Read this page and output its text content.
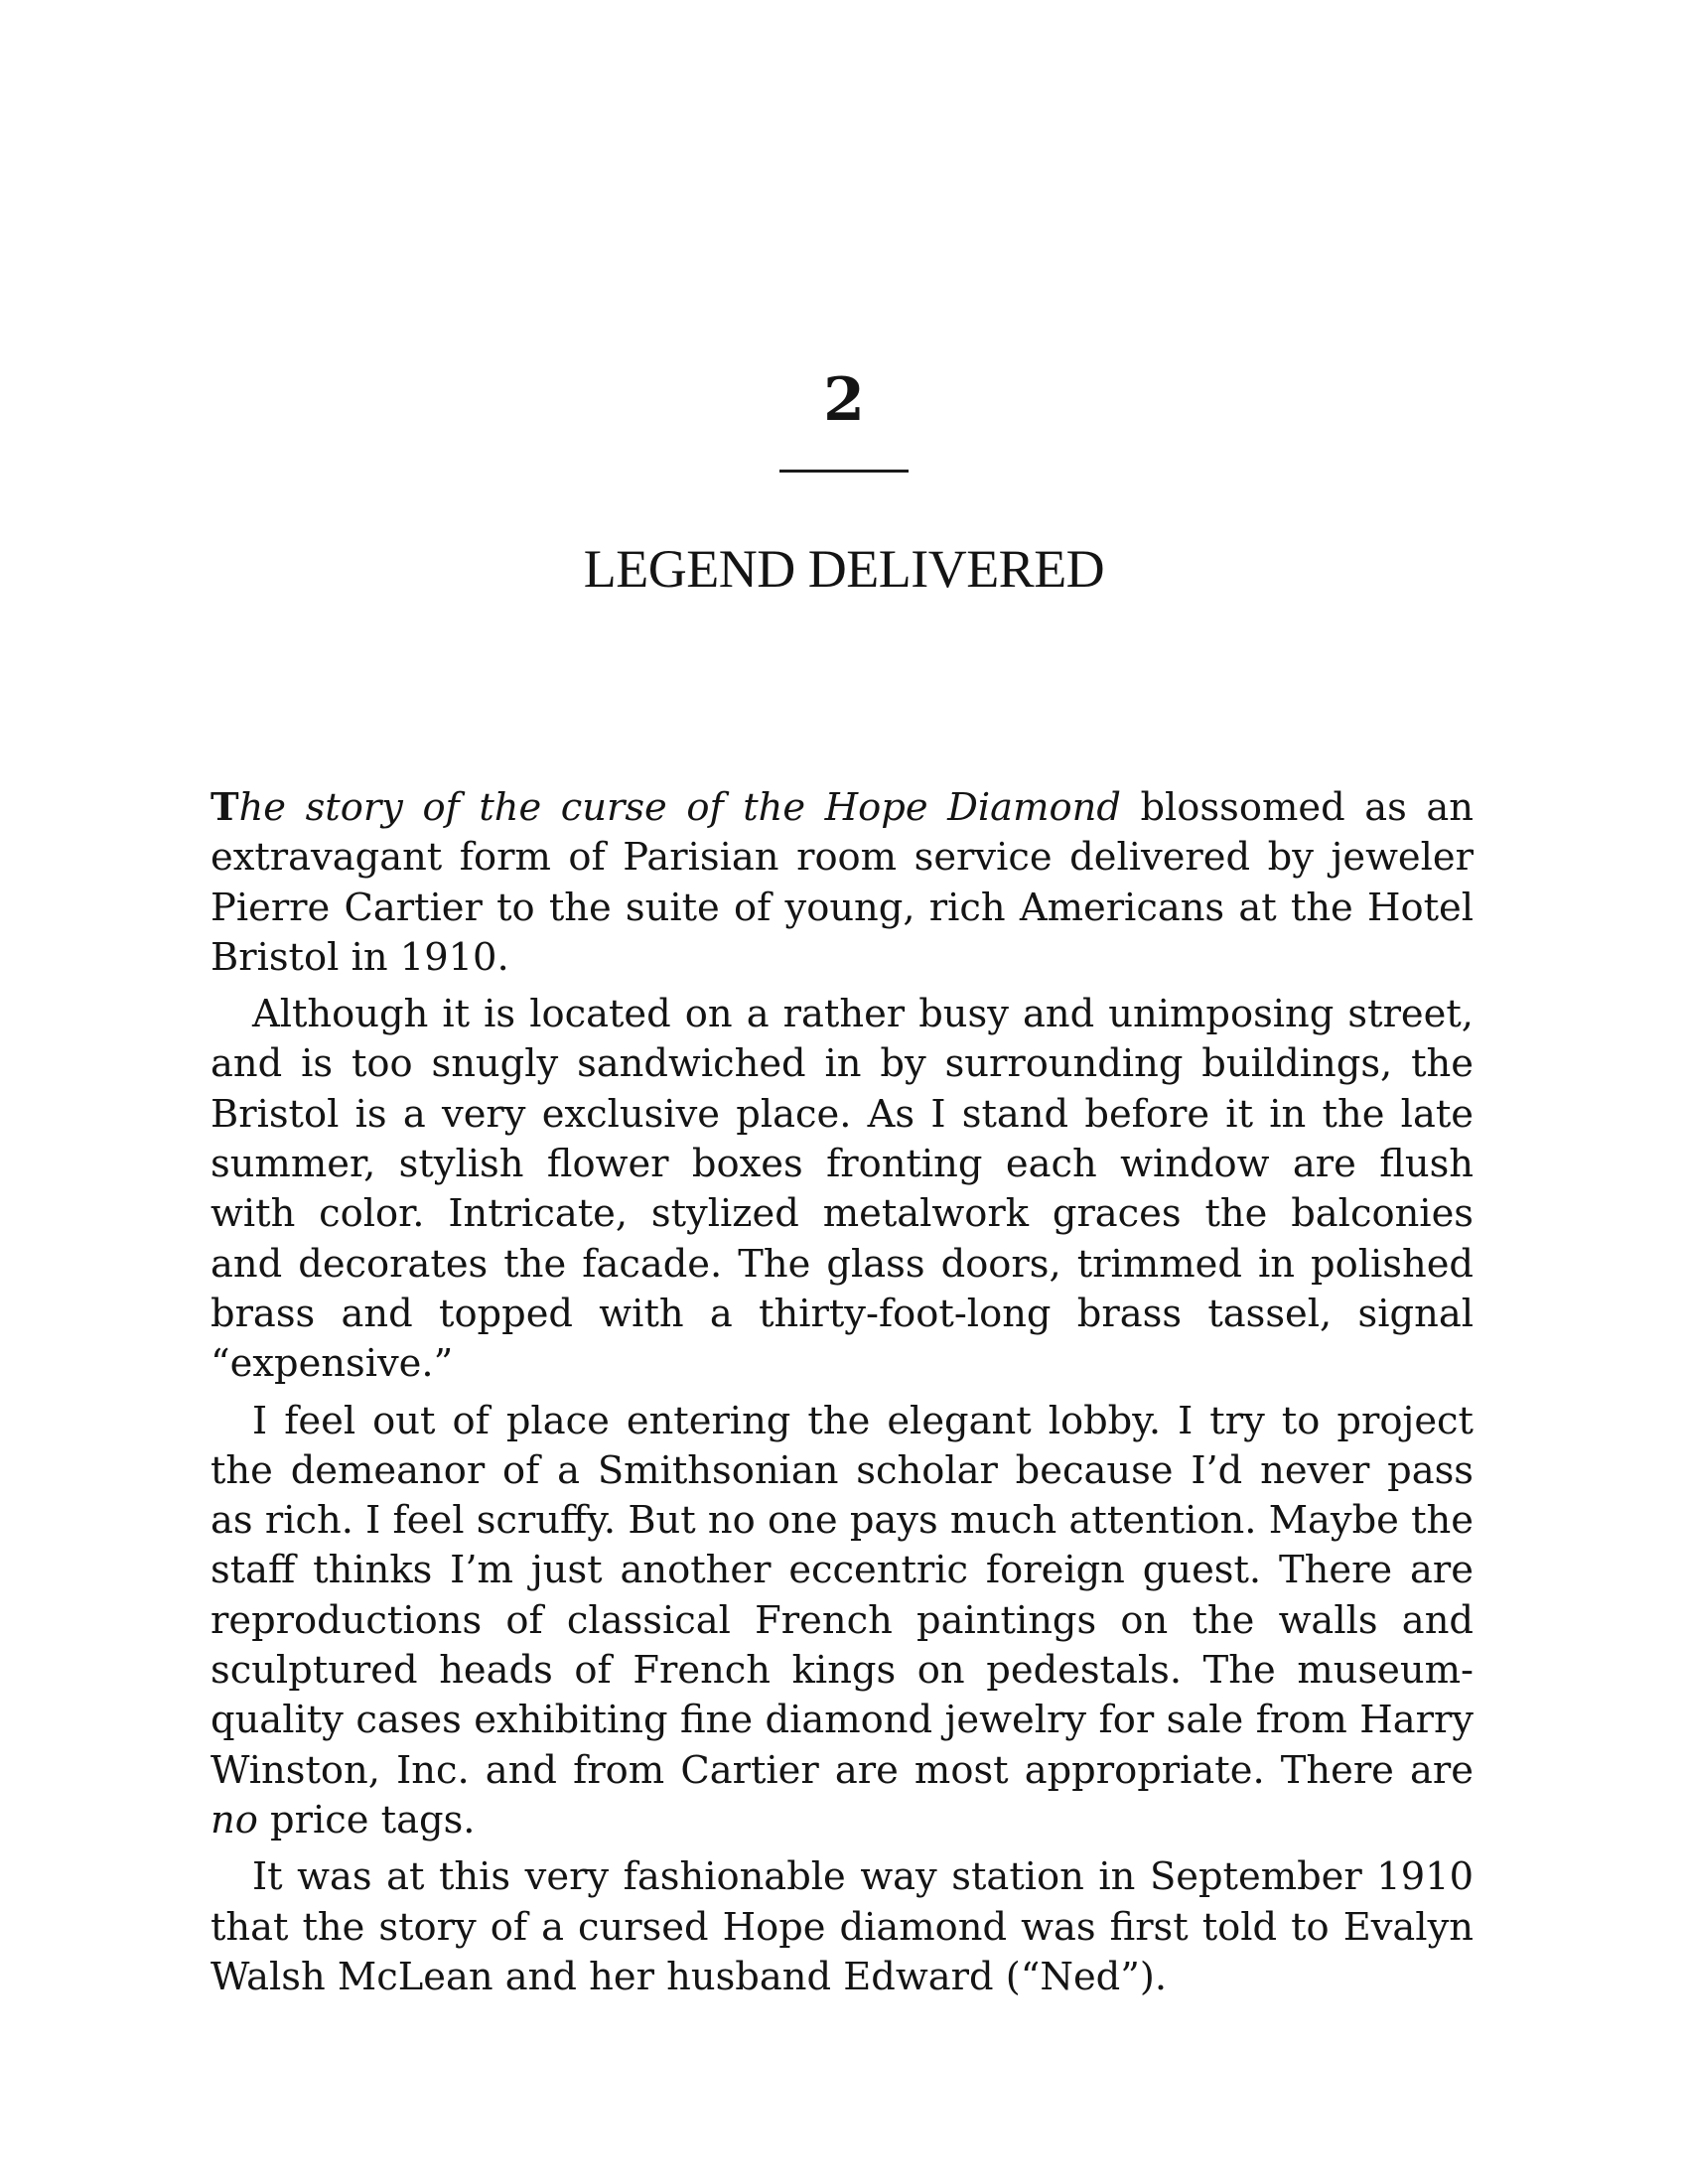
2
LEGEND DELIVERED

The story of the curse of the Hope Diamond blossomed as an extravagant form of Parisian room service delivered by jeweler Pierre Cartier to the suite of young, rich Americans at the Hotel Bristol in 1910.

Although it is located on a rather busy and unimposing street, and is too snugly sandwiched in by surrounding buildings, the Bristol is a very exclusive place. As I stand before it in the late summer, stylish flower boxes fronting each window are flush with color. Intricate, stylized metalwork graces the balconies and decorates the facade. The glass doors, trimmed in polished brass and topped with a thirty-foot-long brass tassel, signal “expensive.”

I feel out of place entering the elegant lobby. I try to project the demeanor of a Smithsonian scholar because I’d never pass as rich. I feel scruffy. But no one pays much attention. Maybe the staff thinks I’m just another eccentric foreign guest. There are reproductions of classical French paintings on the walls and sculptured heads of French kings on pedestals. The museum-quality cases exhibiting fine diamond jewelry for sale from Harry Winston, Inc. and from Cartier are most appropriate. There are no price tags.

It was at this very fashionable way station in September 1910 that the story of a cursed Hope diamond was first told to Evalyn Walsh McLean and her husband Edward (“Ned”).
